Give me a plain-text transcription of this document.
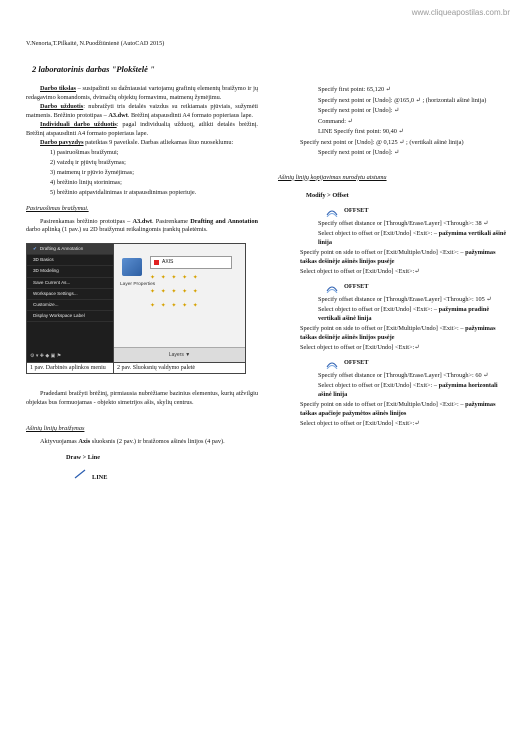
www.cliqueapostilas.com.br
V.Nenorta,T.Pilkaitė, N.Puodžiūnienė (AutoCAD 2015)
2 laboratorinis darbas "Plokštelė "

Darbo tikslas – susipažinti su dažniausiai vartojamų grafinių elementų braižymo ir jų redagavimo komandomis, dvimačių objektų formavimu, matmenų žymėjimu.

Darbo užduotis: nubraižyti tris detalės vaizdus su reikiamais pjūviais, sužymėti matmenis. Brėžinio prototipas – A3.dwt. Brėžinį atspausdinti A4 formato popieriaus lape.

Individuali darbo užduotis: pagal individualią užduotį, atlikti detalės brėžinį. Brėžinį atspausdinti A4 formato popieriaus lape.

Darbo pavyzdys pateiktas 9 paveiksle. Darbas atliekamas šiuo nuoseklumu:

1) pasiruošimas braižymui;
2) vaizdų ir pjūvių braižymas;
3) matmenų ir pjūvio žymėjimas;
4) brėžinio linijų storinimas;
5) brėžinio apipavidalinimas ir atspausdinimas popieriuje.
Pasiruošimas braižymui.

Pasirenkamas brėžinio prototipas – A3.dwt. Pasirenkame Drafting and Annotation darbo aplinką (1 pav.) su 2D braižymui reikalingomis įrankių paletėmis.

✔ Drafting & Annotation
3D Basics
3D Modeling
Save Current As...
Workspace Settings...
Customize...
Display Workspace Label
⚙ ▾ ✚ ◆ ▣ ⚑
Layer Properties
AXIS
✦ ✦ ✦ ✦ ✦
✦ ✦ ✦ ✦ ✦
✦ ✦ ✦ ✦ ✦
Layers ▼
1 pav. Darbinės aplinkos meniu	2 pav. Sluoksnių valdymo paletė

Pradedami braižyti brėžinį, pirmiausia nubrėžiame bazinius elementus, kurių atžvilgiu objektas bus formuojamas - objekto simetrijos ašis, skylių centrus.

Ašinių linijų braižymas

Aktyvuojamas Axis sluoksnis (2 pav.) ir braižomos ašinės linijos (4 pav).

Draw > Line
LINE
Specify first point: 65,120 ↵
Specify next point or [Undo]: @165,0 ↵ ; (horizontali ašinė linija)
Specify next point or [Undo]: ↵
Command: ↵
LINE Specify first point: 90,40 ↵
Specify next point or [Undo]: @ 0,125 ↵ ; (vertikali ašinė linija)
Specify next point or [Undo]: ↵
Ašinių linijų kopijavimas nurodytu atstumu
Modify > Offset
OFFSET
Specify offset distance or [Through/Erase/Layer] <Through>: 38 ↵
Select object to offset or [Exit/Undo] <Exit>: – pažymima vertikali ašinė linija
Specify point on side to offset or [Exit/Multiple/Undo] <Exit>: – pažymimas taškas dešinėje ašinės linijos pusėje
Select object to offset or [Exit/Undo] <Exit>:↵
OFFSET
Specify offset distance or [Through/Erase/Layer] <Through>: 105 ↵
Select object to offset or [Exit/Undo] <Exit>: – pažymima pradinė vertikali ašinė linija
Specify point on side to offset or [Exit/Multiple/Undo] <Exit>: – pažymimas taškas dešinėje ašinės linijos pusėje
Select object to offset or [Exit/Undo] <Exit>:↵
OFFSET
Specify offset distance or [Through/Erase/Layer] <Through>: 60 ↵
Select object to offset or [Exit/Undo] <Exit>: – pažymima horizontali ašinė linija
Specify point on side to offset or [Exit/Multiple/Undo] <Exit>: – pažymimas taškas apačioje pažymėtos ašinės linijos
Select object to offset or [Exit/Undo] <Exit>:↵
